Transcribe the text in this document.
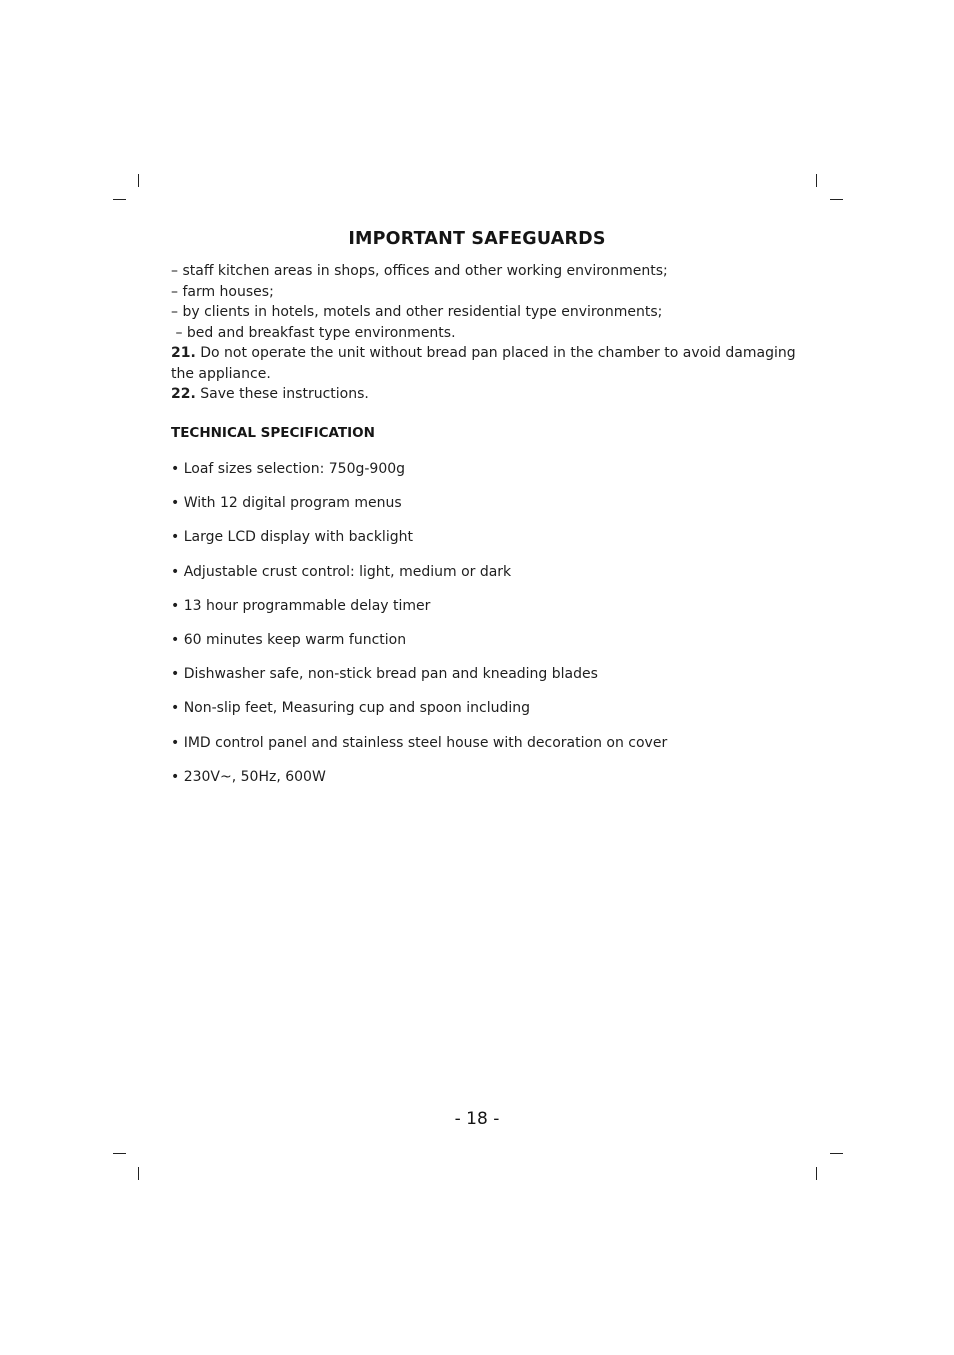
IMPORTANT SAFEGUARDS
– staff kitchen areas in shops, offices and other working environments;
– farm houses;
– by clients in hotels, motels and other residential type environments;
– bed and breakfast type environments.
21. Do not operate the unit without bread pan placed in the chamber to avoid damaging
the appliance.
22. Save these instructions.
TECHNICAL SPECIFICATION
• Loaf sizes selection: 750g-900g
• With 12 digital program menus
• Large LCD display with backlight
• Adjustable crust control: light, medium or dark
• 13 hour programmable delay timer
• 60 minutes keep warm function
• Dishwasher safe, non-stick bread pan and kneading blades
• Non-slip feet, Measuring cup and spoon including
• IMD control panel and stainless steel house with decoration on cover
• 230V~, 50Hz, 600W
- 18 -
